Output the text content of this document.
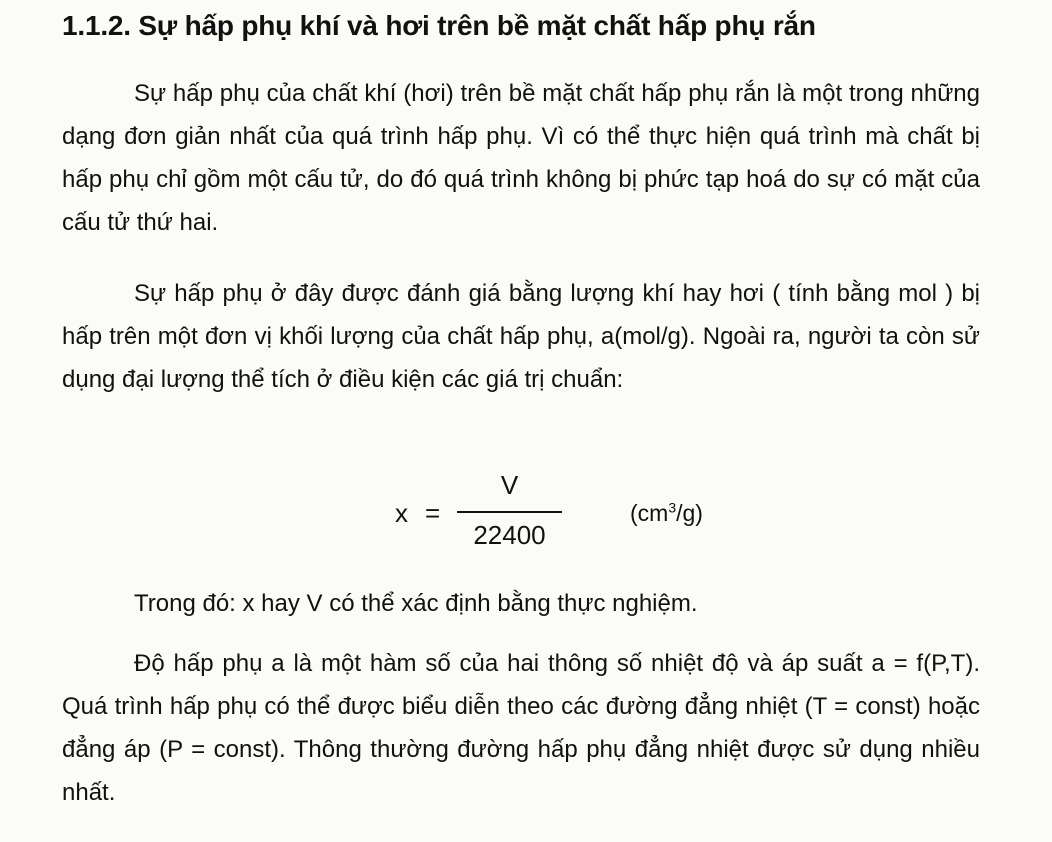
1.1.2. Sự hấp phụ khí và hơi trên bề mặt chất hấp phụ rắn
Sự hấp phụ của chất khí (hơi) trên bề mặt chất hấp phụ rắn là một trong những dạng đơn giản nhất của quá trình hấp phụ. Vì có thể thực hiện quá trình mà chất bị hấp phụ chỉ gồm một cấu tử, do đó quá trình không bị phức tạp hoá do sự có mặt của cấu tử thứ hai.
Sự hấp phụ ở đây được đánh giá bằng lượng khí hay hơi ( tính bằng mol ) bị hấp trên một đơn vị khối lượng của chất hấp phụ, a(mol/g). Ngoài ra, người ta còn sử dụng đại lượng thể tích ở điều kiện các giá trị chuẩn:
x
=
V
22400
$(cm^3/g)$
Trong đó: x hay V có thể xác định bằng thực nghiệm.
Độ hấp phụ a là một hàm số của hai thông số nhiệt độ và áp suất a = f(P,T). Quá trình hấp phụ có thể được biểu diễn theo các đường đẳng nhiệt (T = const) hoặc đẳng áp (P = const). Thông thường đường hấp phụ đẳng nhiệt được sử dụng nhiều nhất.
